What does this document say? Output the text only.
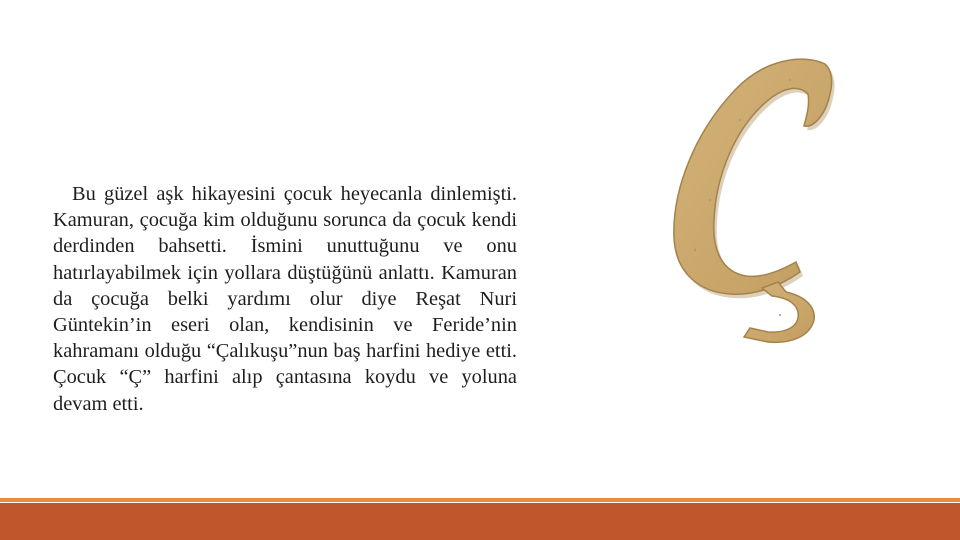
Bu güzel aşk hikayesini çocuk heyecanla dinlemişti. Kamuran, çocuğa kim olduğunu sorunca da çocuk kendi derdinden bahsetti. İsmini unuttuğunu ve onu hatırlayabilmek için yollara düştüğünü anlattı. Kamuran da çocuğa belki yardımı olur diye Reşat Nuri Güntekin’in eseri olan, kendisinin ve Feride’nin kahramanı olduğu “Çalıkuşu”nun baş harfini hediye etti. Çocuk “Ç” harfini alıp çantasına koydu ve yoluna devam etti.
